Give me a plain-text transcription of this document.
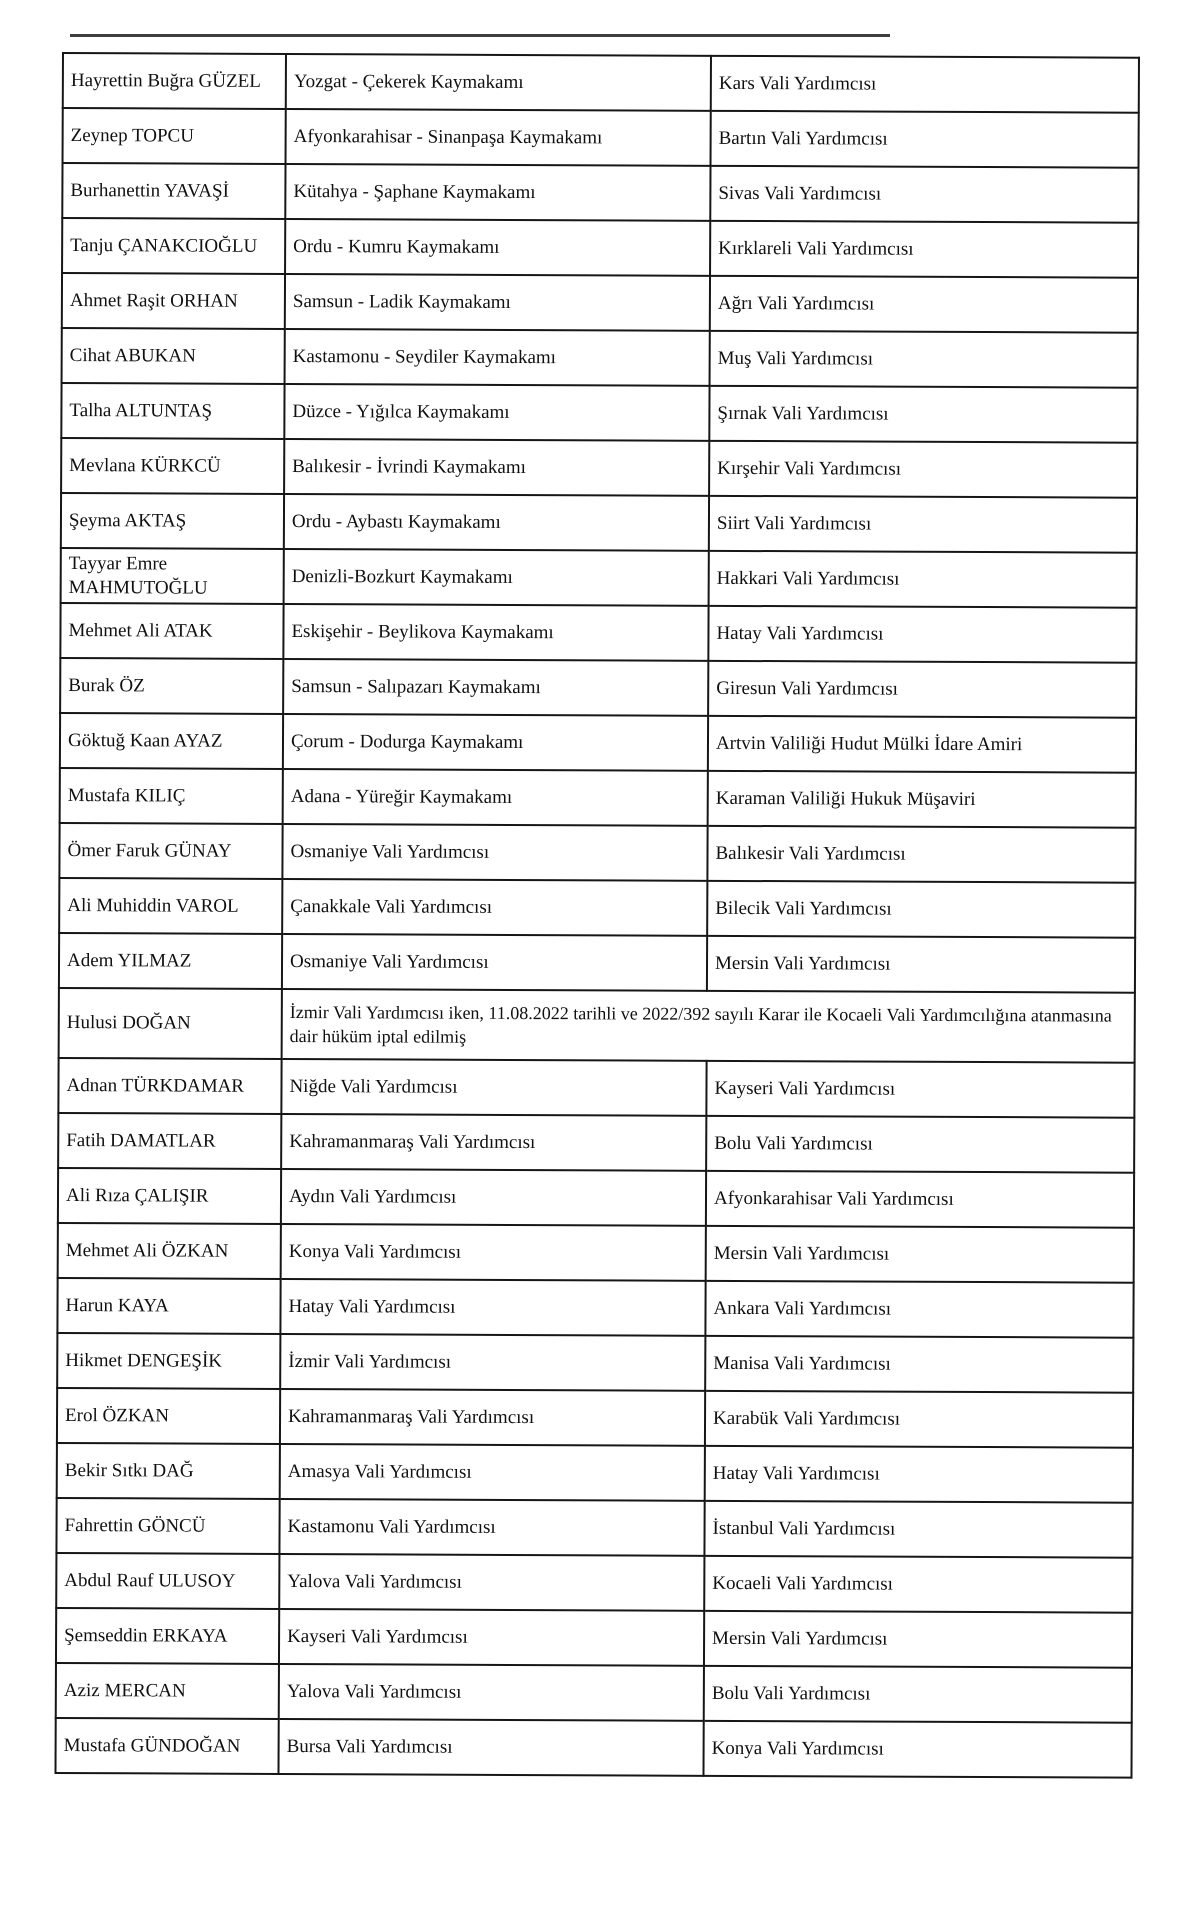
Hayrettin Buğra GÜZEL	Yozgat - Çekerek Kaymakamı	Kars Vali Yardımcısı
Zeynep TOPCU	Afyonkarahisar - Sinanpaşa Kaymakamı	Bartın Vali Yardımcısı
Burhanettin YAVAŞİ	Kütahya - Şaphane Kaymakamı	Sivas Vali Yardımcısı
Tanju ÇANAKCIOĞLU	Ordu - Kumru Kaymakamı	Kırklareli Vali Yardımcısı
Ahmet Raşit ORHAN	Samsun - Ladik Kaymakamı	Ağrı Vali Yardımcısı
Cihat ABUKAN	Kastamonu - Seydiler Kaymakamı	Muş Vali Yardımcısı
Talha ALTUNTAŞ	Düzce - Yığılca Kaymakamı	Şırnak Vali Yardımcısı
Mevlana KÜRKCÜ	Balıkesir - İvrindi Kaymakamı	Kırşehir Vali Yardımcısı
Şeyma AKTAŞ	Ordu - Aybastı Kaymakamı	Siirt Vali Yardımcısı
Tayyar Emre MAHMUTOĞLU	Denizli-Bozkurt Kaymakamı	Hakkari Vali Yardımcısı
Mehmet Ali ATAK	Eskişehir - Beylikova Kaymakamı	Hatay Vali Yardımcısı
Burak ÖZ	Samsun - Salıpazarı Kaymakamı	Giresun Vali Yardımcısı
Göktuğ Kaan AYAZ	Çorum - Dodurga Kaymakamı	Artvin Valiliği Hudut Mülki İdare Amiri
Mustafa KILIÇ	Adana - Yüreğir Kaymakamı	Karaman Valiliği Hukuk Müşaviri
Ömer Faruk GÜNAY	Osmaniye Vali Yardımcısı	Balıkesir Vali Yardımcısı
Ali Muhiddin VAROL	Çanakkale Vali Yardımcısı	Bilecik Vali Yardımcısı
Adem YILMAZ	Osmaniye Vali Yardımcısı	Mersin Vali Yardımcısı
Hulusi DOĞAN	İzmir Vali Yardımcısı iken, 11.08.2022 tarihli ve 2022/392 sayılı Karar ile Kocaeli Vali Yardımcılığına atanmasına
dair hüküm iptal edilmiş	
Adnan TÜRKDAMAR	Niğde Vali Yardımcısı	Kayseri Vali Yardımcısı
Fatih DAMATLAR	Kahramanmaraş Vali Yardımcısı	Bolu Vali Yardımcısı
Ali Rıza ÇALIŞIR	Aydın Vali Yardımcısı	Afyonkarahisar Vali Yardımcısı
Mehmet Ali ÖZKAN	Konya Vali Yardımcısı	Mersin Vali Yardımcısı
Harun KAYA	Hatay Vali Yardımcısı	Ankara Vali Yardımcısı
Hikmet DENGEŞİK	İzmir Vali Yardımcısı	Manisa Vali Yardımcısı
Erol ÖZKAN	Kahramanmaraş Vali Yardımcısı	Karabük Vali Yardımcısı
Bekir Sıtkı DAĞ	Amasya Vali Yardımcısı	Hatay Vali Yardımcısı
Fahrettin GÖNCÜ	Kastamonu Vali Yardımcısı	İstanbul Vali Yardımcısı
Abdul Rauf ULUSOY	Yalova Vali Yardımcısı	Kocaeli Vali Yardımcısı
Şemseddin ERKAYA	Kayseri Vali Yardımcısı	Mersin Vali Yardımcısı
Aziz MERCAN	Yalova Vali Yardımcısı	Bolu Vali Yardımcısı
Mustafa GÜNDOĞAN	Bursa Vali Yardımcısı	Konya Vali Yardımcısı
